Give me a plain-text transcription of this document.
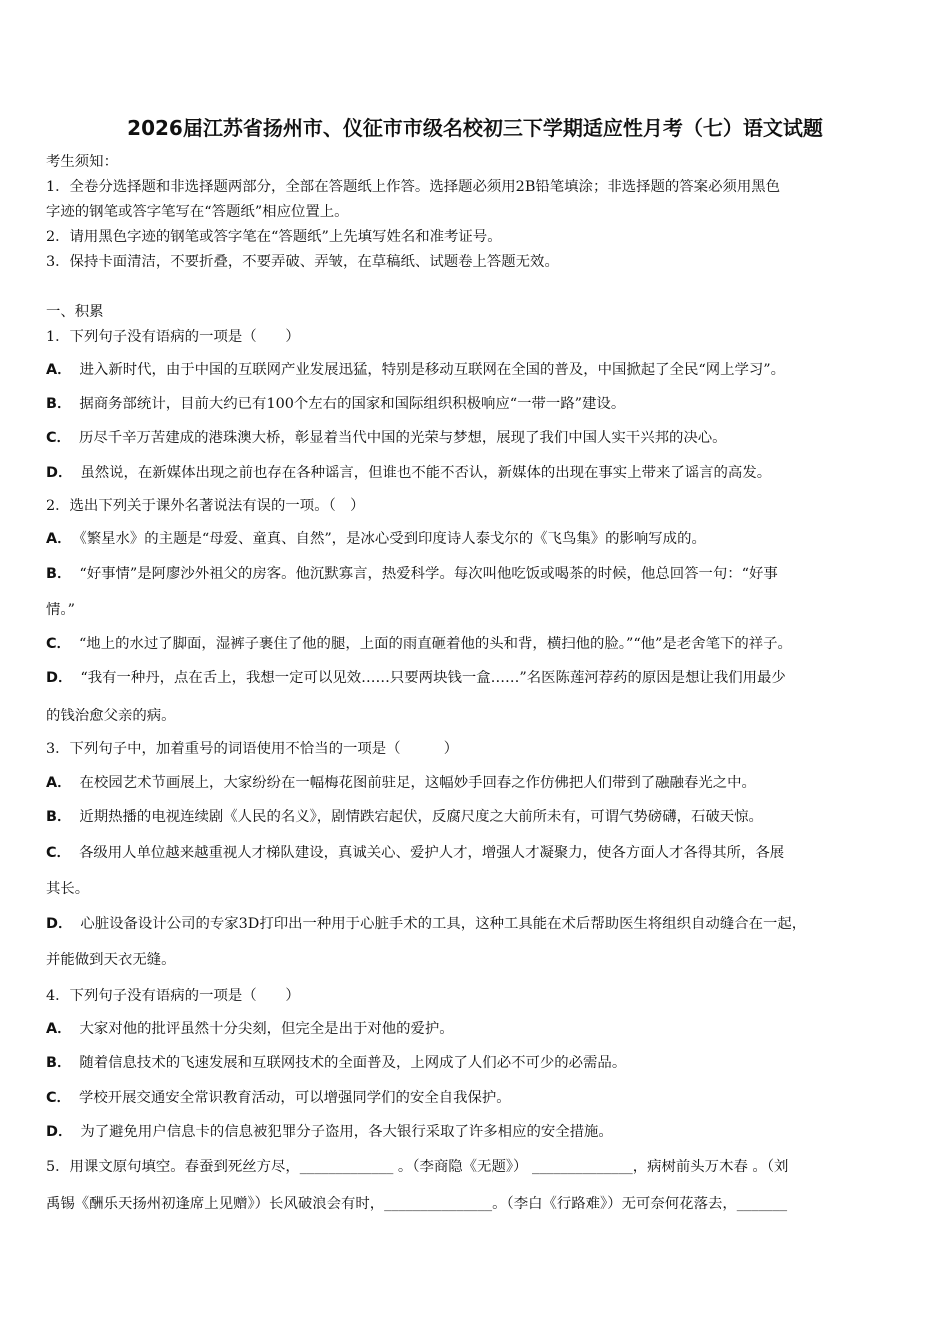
2026届江苏省扬州市、仪征市市级名校初三下学期适应性月考（七）语文试题
考生须知：
1．全卷分选择题和非选择题两部分，全部在答题纸上作答。选择题必须用2B铅笔填涂；非选择题的答案必须用黑色
字迹的钢笔或答字笔写在“答题纸”相应位置上。
2．请用黑色字迹的钢笔或答字笔在“答题纸”上先填写姓名和准考证号。
3．保持卡面清洁，不要折叠，不要弄破、弄皱，在草稿纸、试题卷上答题无效。
一、积累
1．下列句子没有语病的一项是（　　）
A． 进入新时代，由于中国的互联网产业发展迅猛，特别是移动互联网在全国的普及，中国掀起了全民“网上学习”。
B． 据商务部统计，目前大约已有100个左右的国家和国际组织积极响应“一带一路”建设。
C． 历尽千辛万苦建成的港珠澳大桥，彰显着当代中国的光荣与梦想，展现了我们中国人实干兴邦的决心。
D． 虽然说，在新媒体出现之前也存在各种谣言，但谁也不能不否认，新媒体的出现在事实上带来了谣言的高发。
2．选出下列关于课外名著说法有误的一项。（　）
A． 《繁星水》的主题是“母爱、童真、自然”，是冰心受到印度诗人泰戈尔的《飞鸟集》的影响写成的。
B． “好事情”是阿廖沙外祖父的房客。他沉默寡言，热爱科学。每次叫他吃饭或喝茶的时候，他总回答一句：“好事
情。”
C． “地上的水过了脚面，湿裤子裹住了他的腿，上面的雨直砸着他的头和背，横扫他的脸。”“他”是老舍笔下的祥子。
D． “我有一种丹，点在舌上，我想一定可以见效……只要两块钱一盒……”名医陈莲河荐药的原因是想让我们用最少
的钱治愈父亲的病。
3．下列句子中，加着重号的词语使用不恰当的一项是（　　　）
A． 在校园艺术节画展上，大家纷纷在一幅梅花图前驻足，这幅妙手回春之作仿佛把人们带到了融融春光之中。
B． 近期热播的电视连续剧《人民的名义》，剧情跌宕起伏，反腐尺度之大前所未有，可谓气势磅礴，石破天惊。
C． 各级用人单位越来越重视人才梯队建设，真诚关心、爱护人才，增强人才凝聚力，使各方面人才各得其所，各展
其长。
D． 心脏设备设计公司的专家3D打印出一种用于心脏手术的工具，这种工具能在术后帮助医生将组织自动缝合在一起，
并能做到天衣无缝。
4．下列句子没有语病的一项是（　　）
A． 大家对他的批评虽然十分尖刻，但完全是出于对他的爱护。
B． 随着信息技术的飞速发展和互联网技术的全面普及，上网成了人们必不可少的必需品。
C． 学校开展交通安全常识教育活动，可以增强同学们的安全自我保护。
D． 为了避免用户信息卡的信息被犯罪分子盗用，各大银行采取了许多相应的安全措施。
5．用课文原句填空。春蚕到死丝方尽，_____________ 。（李商隐《无题》） ______________，病树前头万木春 。（刘
禹锡《酬乐天扬州初逢席上见赠》）长风破浪会有时，_______________。（李白《行路难》）无可奈何花落去，_______
